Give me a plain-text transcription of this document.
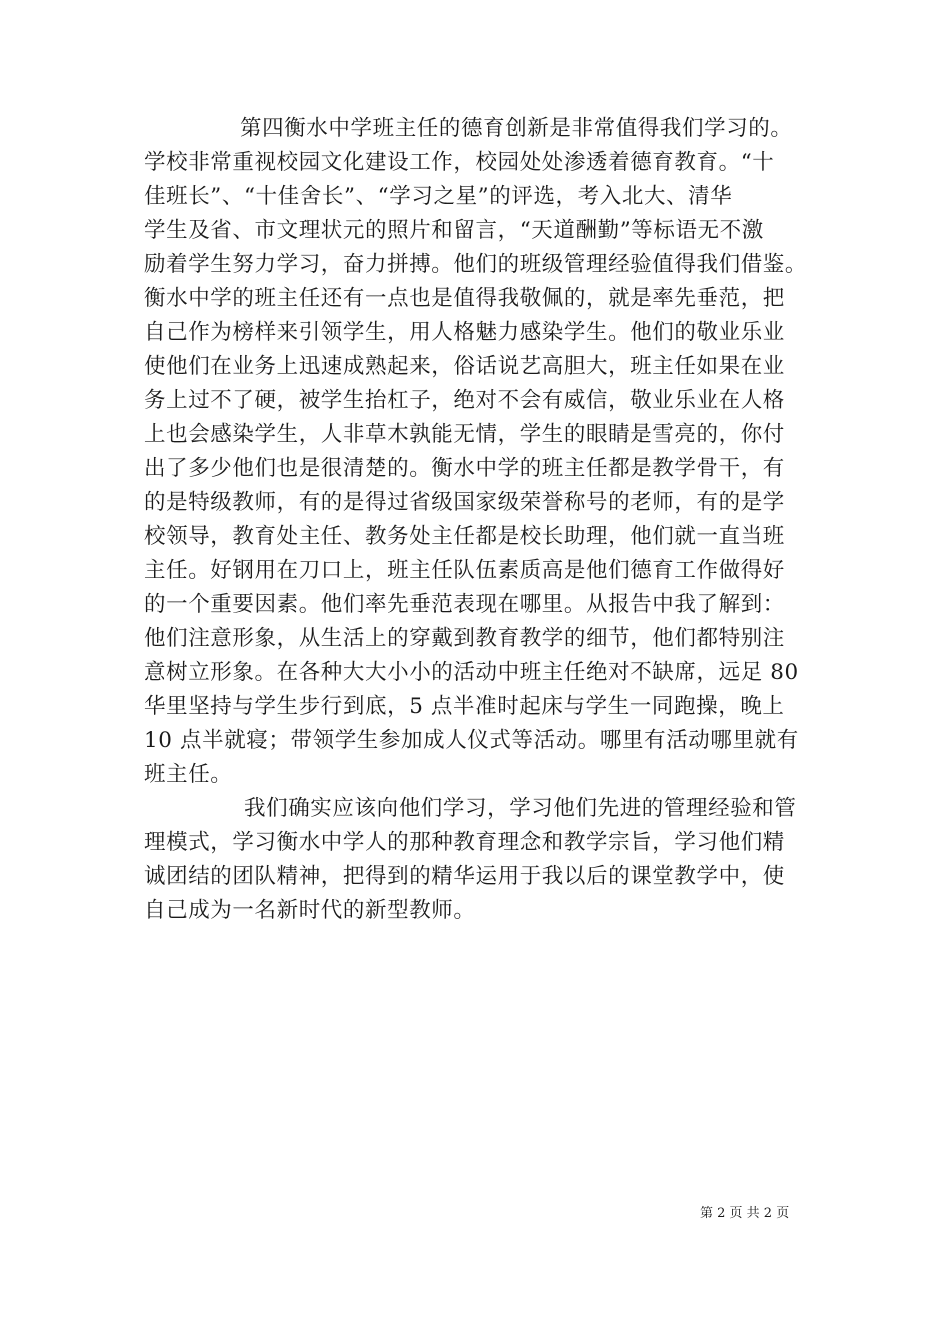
第四衡水中学班主任的德育创新是非常值得我们学习的。
学校非常重视校园文化建设工作，校园处处渗透着德育教育。“十
佳班长”、“十佳舍长”、“学习之星”的评选，考入北大、清华
学生及省、市文理状元的照片和留言，“天道酬勤”等标语无不激
励着学生努力学习，奋力拼搏。他们的班级管理经验值得我们借鉴。
衡水中学的班主任还有一点也是值得我敬佩的，就是率先垂范，把
自己作为榜样来引领学生，用人格魅力感染学生。他们的敬业乐业
使他们在业务上迅速成熟起来，俗话说艺高胆大，班主任如果在业
务上过不了硬，被学生抬杠子，绝对不会有威信，敬业乐业在人格
上也会感染学生，人非草木孰能无情，学生的眼睛是雪亮的，你付
出了多少他们也是很清楚的。衡水中学的班主任都是教学骨干，有
的是特级教师，有的是得过省级国家级荣誉称号的老师，有的是学
校领导，教育处主任、教务处主任都是校长助理，他们就一直当班
主任。好钢用在刀口上，班主任队伍素质高是他们德育工作做得好
的一个重要因素。他们率先垂范表现在哪里。从报告中我了解到：
他们注意形象，从生活上的穿戴到教育教学的细节，他们都特别注
意树立形象。在各种大大小小的活动中班主任绝对不缺席，远足 80
华里坚持与学生步行到底，5 点半准时起床与学生一同跑操，晚上
10 点半就寝；带领学生参加成人仪式等活动。哪里有活动哪里就有
班主任。
我们确实应该向他们学习，学习他们先进的管理经验和管
理模式，学习衡水中学人的那种教育理念和教学宗旨，学习他们精
诚团结的团队精神，把得到的精华运用于我以后的课堂教学中，使
自己成为一名新时代的新型教师。
第 2 页 共 2 页
